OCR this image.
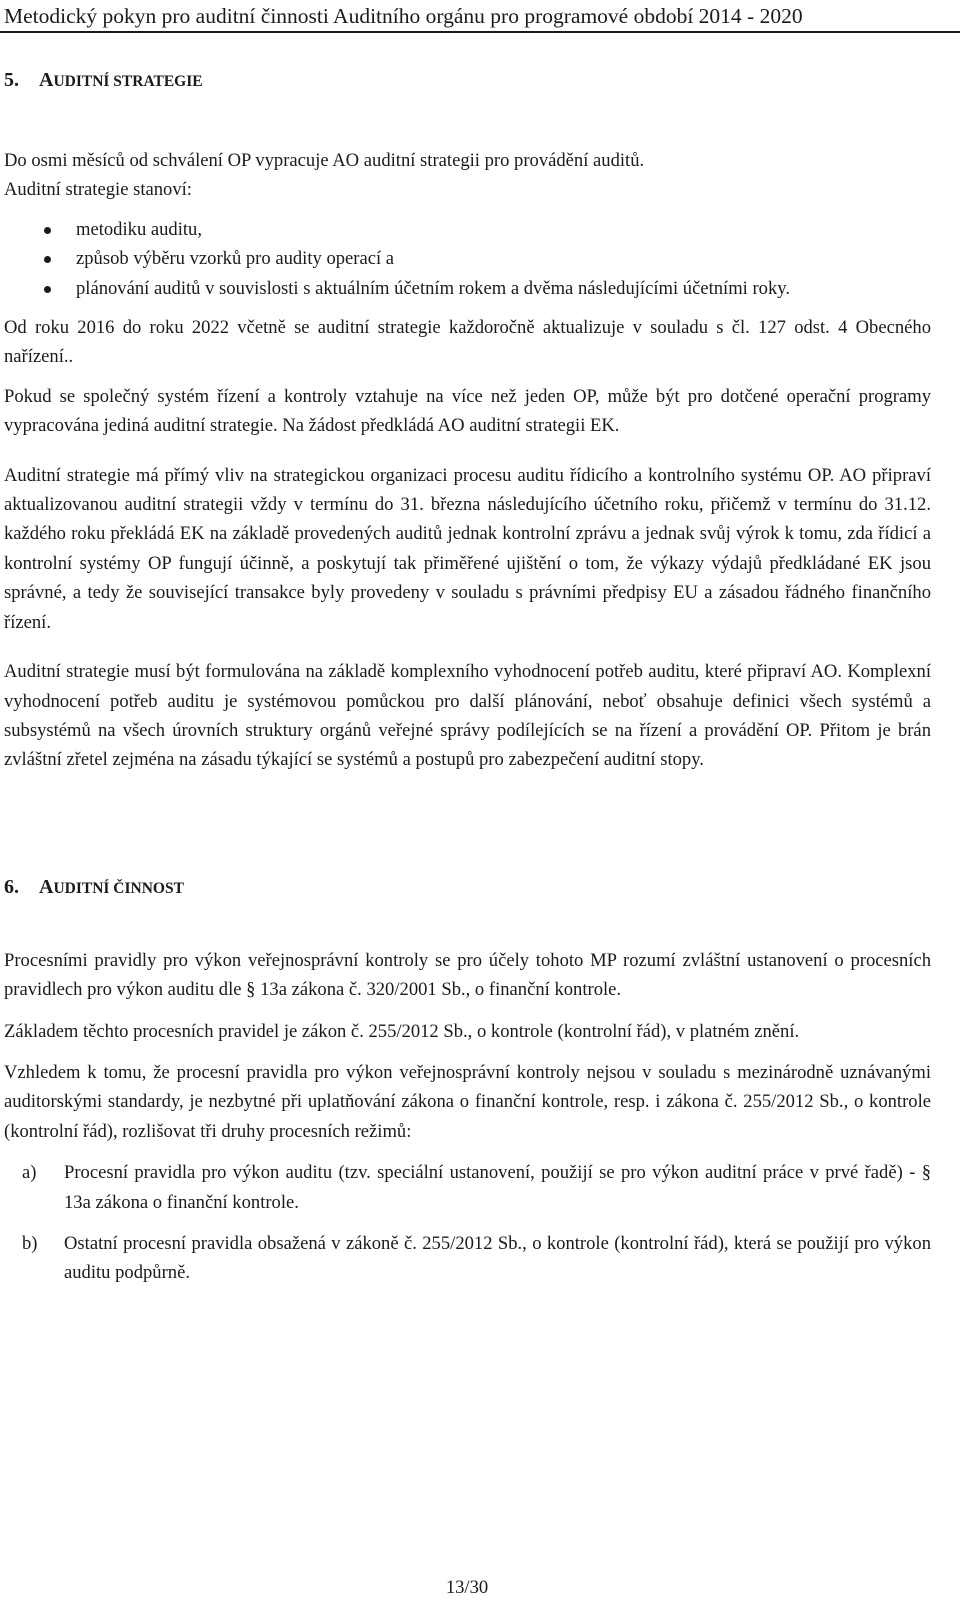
Metodický pokyn pro auditní činnosti Auditního orgánu pro programové období 2014 - 2020
5.	AUDITNÍ STRATEGIE

Do osmi měsíců od schválení OP vypracuje AO auditní strategii pro provádění auditů.

Auditní strategie stanoví:

metodiku auditu,
způsob výběru vzorků pro audity operací a
plánování auditů v souvislosti s aktuálním účetním rokem a dvěma následujícími účetními roky.

Od roku 2016 do roku 2022 včetně se auditní strategie každoročně aktualizuje v souladu s čl. 127 odst. 4 Obecného nařízení..

Pokud se společný systém řízení a kontroly vztahuje na více než jeden OP, může být pro dotčené operační programy vypracována jediná auditní strategie. Na žádost předkládá AO auditní strategii EK.

Auditní strategie má přímý vliv na strategickou organizaci procesu auditu řídicího a kontrolního systému OP. AO připraví aktualizovanou auditní strategii vždy v termínu do 31. března následujícího účetního roku, přičemž v termínu do 31.12. každého roku překládá EK na základě provedených auditů jednak kontrolní zprávu a jednak svůj výrok k tomu, zda řídicí a kontrolní systémy OP fungují účinně, a poskytují tak přiměřené ujištění o tom, že výkazy výdajů předkládané EK jsou správné, a tedy že související transakce byly provedeny v souladu s právními předpisy EU a zásadou řádného finančního řízení.

Auditní strategie musí být formulována na základě komplexního vyhodnocení potřeb auditu, které připraví AO. Komplexní vyhodnocení potřeb auditu je systémovou pomůckou pro další plánování, neboť obsahuje definici všech systémů a subsystémů na všech úrovních struktury orgánů veřejné správy podílejících se na řízení a provádění OP. Přitom je brán zvláštní zřetel zejména na zásadu týkající se systémů a postupů pro zabezpečení auditní stopy.

6.	AUDITNÍ ČINNOST

Procesními pravidly pro výkon veřejnosprávní kontroly se pro účely tohoto MP rozumí zvláštní ustanovení o procesních pravidlech pro výkon auditu dle § 13a zákona č. 320/2001 Sb., o finanční kontrole.

Základem těchto procesních pravidel je zákon č. 255/2012 Sb., o kontrole (kontrolní řád), v platném znění.

Vzhledem k tomu, že procesní pravidla pro výkon veřejnosprávní kontroly nejsou v souladu s mezinárodně uznávanými auditorskými standardy, je nezbytné při uplatňování zákona o finanční kontrole, resp. i zákona č. 255/2012 Sb., o kontrole (kontrolní řád), rozlišovat tři druhy procesních režimů:

a) Procesní pravidla pro výkon auditu (tzv. speciální ustanovení, použijí se pro výkon auditní práce v prvé řadě) - § 13a zákona o finanční kontrole.
b) Ostatní procesní pravidla obsažená v zákoně č. 255/2012 Sb., o kontrole (kontrolní řád), která se použijí pro výkon auditu podpůrně.
13/30
